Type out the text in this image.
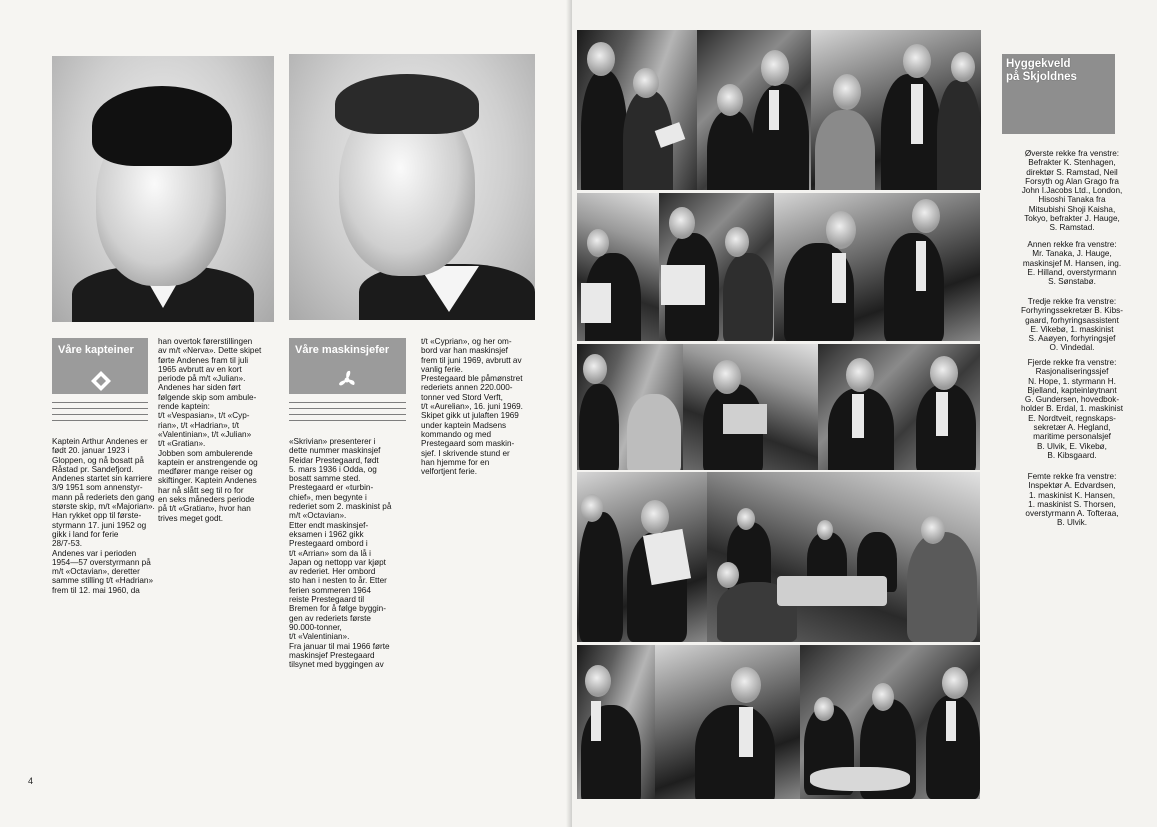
Våre kapteiner	Våre maskinsjefer
Kaptein Arthur Andenes er
født 20. januar 1923 i
Gloppen, og nå bosatt på
Råstad pr. Sandefjord.
Andenes startet sin karriere
3/9 1951 som annenstyr-
mann på rederiets den gang
største skip, m/t «Majorian».
Han rykket opp til første-
styrmann 17. juni 1952 og
gikk i land for ferie
28/7-53.
Andenes var i perioden
1954—57 overstyrmann på
m/t «Octavian», deretter
samme stilling t/t «Hadrian»
frem til 12. mai 1960, da
han overtok førerstillingen
av m/t «Nerva». Dette skipet
førte Andenes fram til juli
1965 avbrutt av en kort
periode på m/t «Julian».
Andenes har siden ført
følgende skip som ambule-
rende kaptein:
t/t «Vespasian», t/t «Cyp-
rian», t/t «Hadrian», t/t
«Valentinian», t/t «Julian»
t/t «Gratian».
Jobben som ambulerende
kaptein er anstrengende og
medfører mange reiser og
skiftinger. Kaptein Andenes
har nå slått seg til ro for
en seks måneders periode
på t/t «Gratian», hvor han
trives meget godt.
«Skrivian» presenterer i
dette nummer maskinsjef
Reidar Prestegaard, født
5. mars 1936 i Odda, og
bosatt samme sted.
Prestegaard er «turbin-
chief», men begynte i
rederiet som 2. maskinist på
m/t «Octavian».
Etter endt maskinsjef-
eksamen i 1962 gikk
Prestegaard ombord i
t/t «Arrian» som da lå i
Japan og nettopp var kjøpt
av rederiet. Her ombord
sto han i nesten to år. Etter
ferien sommeren 1964
reiste Prestegaard til
Bremen for å følge byggin-
gen av rederiets første
90.000-tonner,
t/t «Valentinian».
Fra januar til mai 1966 førte
maskinsjef Prestegaard
tilsynet med byggingen av
t/t «Cyprian», og her om-
bord var han maskinsjef
frem til juni 1969, avbrutt av
vanlig ferie.
Prestegaard ble påmønstret
rederiets annen 220.000-
tonner ved Stord Verft,
t/t «Aurelian», 16. juni 1969.
Skipet gikk ut julaften 1969
under kaptein Madsens
kommando og med
Prestegaard som maskin-
sjef. I skrivende stund er
han hjemme for en
velfortjent ferie.
4
Hyggekveld
på Skjoldnes
Øverste rekke fra venstre:
Befrakter K. Stenhagen,
direktør S. Ramstad, Neil
Forsyth og Alan Grago fra
John I.Jacobs Ltd., London,
Hisoshi Tanaka fra
Mitsubishi Shoji Kaisha,
Tokyo, befrakter J. Hauge,
S. Ramstad.
Annen rekke fra venstre:
Mr. Tanaka, J. Hauge,
maskinsjef M. Hansen, ing.
E. Hilland, overstyrmann
S. Sønstabø.
Tredje rekke fra venstre:
Forhyringssekretær B. Kibs-
gaard, forhyringsassistent
E. Vikebø, 1. maskinist
S. Aaøyen, forhyringsjef
O. Vindedal.
Fjerde rekke fra venstre:
Rasjonaliseringssjef
N. Hope, 1. styrmann H.
Bjelland, kapteinløytnant
G. Gundersen, hovedbok-
holder B. Erdal, 1. maskinist
E. Nordtveit, regnskaps-
sekretær A. Hegland,
maritime personalsjef
B. Ulvik, E. Vikebø,
B. Kibsgaard.
Femte rekke fra venstre:
Inspektør A. Edvardsen,
1. maskinist K. Hansen,
1. maskinist S. Thorsen,
overstyrmann A. Tofteraa,
B. Ulvik.
